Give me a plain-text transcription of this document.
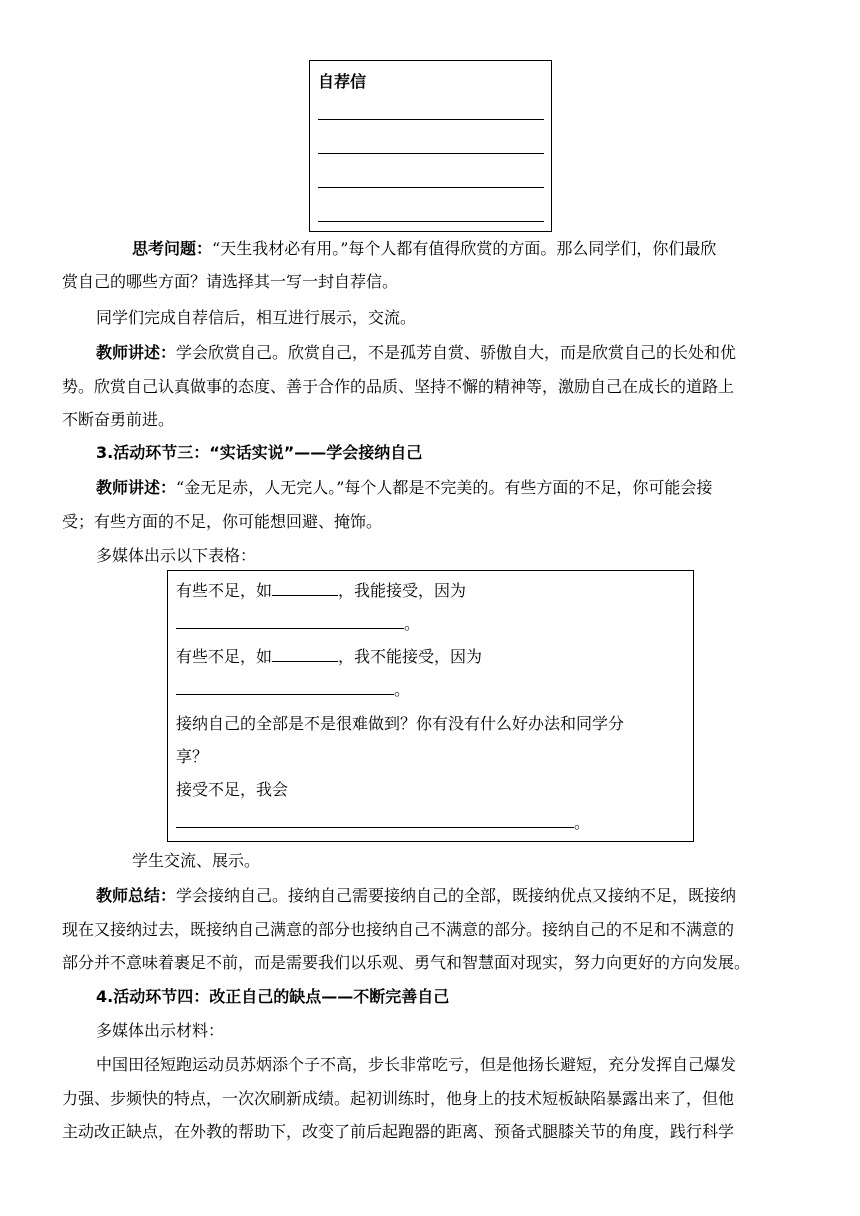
自荐信
思考问题：“天生我材必有用。”每个人都有值得欣赏的方面。那么同学们，你们最欣
赏自己的哪些方面？请选择其一写一封自荐信。
同学们完成自荐信后，相互进行展示，交流。
教师讲述：学会欣赏自己。欣赏自己，不是孤芳自赏、骄傲自大，而是欣赏自己的长处和优
势。欣赏自己认真做事的态度、善于合作的品质、坚持不懈的精神等，激励自己在成长的道路上
不断奋勇前进。
3.活动环节三：“实话实说”——学会接纳自己
教师讲述：“金无足赤，人无完人。”每个人都是不完美的。有些方面的不足，你可能会接
受；有些方面的不足，你可能想回避、掩饰。
多媒体出示以下表格：
有些不足，如	，我能接受，因为
。
有些不足，如	，我不能接受，因为
。
接纳自己的全部是不是很难做到？你有没有什么好办法和同学分
享？
接受不足，我会
。
学生交流、展示。
教师总结：学会接纳自己。接纳自己需要接纳自己的全部，既接纳优点又接纳不足，既接纳
现在又接纳过去，既接纳自己满意的部分也接纳自己不满意的部分。接纳自己的不足和不满意的
部分并不意味着裹足不前，而是需要我们以乐观、勇气和智慧面对现实，努力向更好的方向发展。
4.活动环节四：改正自己的缺点——不断完善自己
多媒体出示材料：
中国田径短跑运动员苏炳添个子不高，步长非常吃亏，但是他扬长避短，充分发挥自己爆发
力强、步频快的特点，一次次刷新成绩。起初训练时，他身上的技术短板缺陷暴露出来了，但他
主动改正缺点，在外教的帮助下，改变了前后起跑器的距离、预备式腿膝关节的角度，践行科学
